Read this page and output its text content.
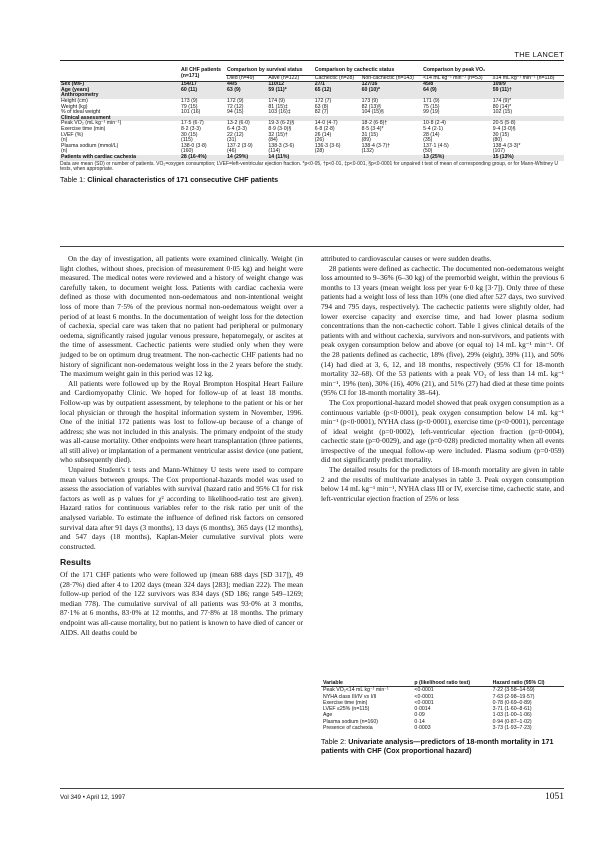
THE LANCET
	All CHF patients (n=171)	Comparison by survival status		Comparison by cachectic status		Comparison by peak VO₂	
		Died (n=49)	Alive (n=122)	Cachectic (n=28)	Non-cachectic (n=143)	<14 mL kg⁻¹ min⁻¹ (n=53)	≥14 mL kg⁻¹ min⁻¹ (n=118)
Sex (M/F)	154/17	44/5	110/12	27/1	127/16	45/8	109/9
Age (years)	60 (11)	63 (9)	59 (11)*	65 (12)	60 (10)*	64 (9)	59 (11)†
Anthropometry							
Height (cm)	173 (9)	172 (9)	174 (9)	172 (7)	173 (9)	171 (9)	174 (9)*
Weight (kg)	79 (15)	72 (12)	81 (15)‡	63 (8)	82 (13)§	75 (15)	80 (14)*
% of ideal weight	101 (16)	94 (15)	103 (16)‡	82 (7)	104 (15)§	99 (19)	102 (15)
Clinical assessment							
Peak VO₂ (mL kg⁻¹ min⁻¹)	17·5 (6·7)	13·2 (6·0)	19·3 (6·2)§	14·0 (4·7)	18·2 (6·8)†	10·8 (2·4)	20·5 (5·8)
Exercise time (min)	8·2 (3·3)	6·4 (3·3)	8·9 (3·0)§	6·8 (2·8)	8·5 (3·4)*	5·4 (2·1)	9·4 (3·0)§
LVEF (%)	30 (15)	22 (12)	32 (15)†	26 (14)	31 (15)	28 (14)	30 (15)
(n)	(115)	(31)	(84)	(26)	(89)	(35)	(80)
Plasma sodium (mmol/L)	138·0 (3·8)	137·2 (3·9)	138·3 (3·6)	136·3 (3·6)	138·4 (3·7)†	137·1 (4·5)	138·4 (3·3)*
(n)	(160)	(46)	(114)	(28)	(132)	(50)	(107)
Patients with cardiac cachexia	28 (16·4%)	14 (29%)	14 (11%)			13 (25%)	15 (13%)
Data are mean (SD) or number of patients. VO₂=oxygen consumption; LVEF=left-ventricular ejection fraction. *p<0·05, †p<0·01, ‡p<0·001, §p<0·0001 for unpaired t test of mean of corresponding group, or for Mann-Whitney U tests, when appropriate.
Table 1: Clinical characteristics of 171 consecutive CHF patients

On the day of investigation, all patients were examined clinically. Weight (in light clothes, without shoes, precision of measurement 0·05 kg) and height were measured. The medical notes were reviewed and a history of weight change was carefully taken, to document weight loss. Patients with cardiac cachexia were defined as those with documented non-oedematous and non-intentional weight loss of more than 7·5% of the previous normal non-oedematous weight over a period of at least 6 months. In the documentation of weight loss for the detection of cachexia, special care was taken that no patient had peripheral or pulmonary oedema, significantly raised jugular venous pressure, hepatomegaly, or ascites at the time of assessment. Cachectic patients were studied only when they were judged to be on optimum drug treatment. The non-cachectic CHF patients had no history of significant non-oedematous weight loss in the 2 years before the study. The maximum weight gain in this period was 12 kg.

All patients were followed up by the Royal Brompton Hospital Heart Failure and Cardiomyopathy Clinic. We hoped for follow-up of at least 18 months. Follow-up was by outpatient assessment, by telephone to the patient or his or her local physician or through the hospital information system in November, 1996. One of the initial 172 patients was lost to follow-up because of a change of address; she was not included in this analysis. The primary endpoint of the study was all-cause mortality. Other endpoints were heart transplantation (three patients, all still alive) or implantation of a permanent ventricular assist device (one patient, who subsequently died).

Unpaired Student's t tests and Mann-Whitney U tests were used to compare mean values between groups. The Cox proportional-hazards model was used to assess the association of variables with survival (hazard ratio and 95% CI for risk factors as well as p values for χ² according to likelihood-ratio test are given). Hazard ratios for continuous variables refer to the risk ratio per unit of the analysed variable. To estimate the influence of defined risk factors on censored survival data after 91 days (3 months), 13 days (6 months), 365 days (12 months), and 547 days (18 months), Kaplan-Meier cumulative survival plots were constructed.

Results

Of the 171 CHF patients who were followed up (mean 688 days [SD 317]), 49 (28·7%) died after 4 to 1202 days (mean 324 days [283]; median 222). The mean follow-up period of the 122 survivors was 834 days (SD 186; range 549–1269; median 778). The cumulative survival of all patients was 93·0% at 3 months, 87·1% at 6 months, 83·0% at 12 months, and 77·8% at 18 months. The primary endpoint was all-cause mortality, but no patient is known to have died of cancer or AIDS. All deaths could be

attributed to cardiovascular causes or were sudden deaths.

28 patients were defined as cachectic. The documented non-oedematous weight loss amounted to 9–36% (6–30 kg) of the premorbid weight, within the previous 6 months to 13 years (mean weight loss per year 6·0 kg [3·7]). Only three of these patients had a weight loss of less than 10% (one died after 527 days, two survived 794 and 795 days, respectively). The cachectic patients were slightly older, had lower exercise capacity and exercise time, and had lower plasma sodium concentrations than the non-cachectic cohort. Table 1 gives clinical details of the patients with and without cachexia, survivors and non-survivors, and patients with peak oxygen consumption below and above (or equal to) 14 mL kg⁻¹ min⁻¹. Of the 28 patients defined as cachectic, 18% (five), 29% (eight), 39% (11), and 50% (14) had died at 3, 6, 12, and 18 months, respectively (95% CI for 18-month mortality 32–68). Of the 53 patients with a peak VO₂ of less than 14 mL kg⁻¹ min⁻¹, 19% (ten), 30% (16), 40% (21), and 51% (27) had died at these time points (95% CI for 18-month mortality 38–64).

The Cox proportional-hazard model showed that peak oxygen consumption as a continuous variable (p<0·0001), peak oxygen consumption below 14 mL kg⁻¹ min⁻¹ (p<0·0001), NYHA class (p<0·0001), exercise time (p<0·0001), percentage of ideal weight (p=0·0002), left-ventricular ejection fraction (p=0·0004), cachectic state (p=0·0029), and age (p=0·028) predicted mortality when all events irrespective of the unequal follow-up were included. Plasma sodium (p=0·059) did not significantly predict mortality.

The detailed results for the predictors of 18-month mortality are given in table 2 and the results of multivariate analyses in table 3. Peak oxygen consumption below 14 mL kg⁻¹ min⁻¹, NYHA class III or IV, exercise time, cachectic state, and left-ventricular ejection fraction of 25% or less

Variable	p (likelihood ratio test)	Hazard ratio (95% CI)
Peak VO₂<14 mL kg⁻¹ min⁻¹	<0·0001	7·22 (3·58–14·59)
NYHA class III/IV vs I/II	<0·0001	7·63 (2·98–19·57)
Exercise time (min)	<0·0001	0·78 (0·69–0·89)
LVEF ≤25% (n=115)	0·0014	3·71 (1·60–8·61)
Age	0·09	1·03 (1·00–1·06)
Plasma sodium (n=160)	0·14	0·94 (0·87–1·02)
Presence of cachexia	0·0003	3·73 (1·93–7·23)
Table 2: Univariate analysis—predictors of 18-month mortality in 171 patients with CHF (Cox proportional hazard)
Vol 349 • April 12, 1997	1051
